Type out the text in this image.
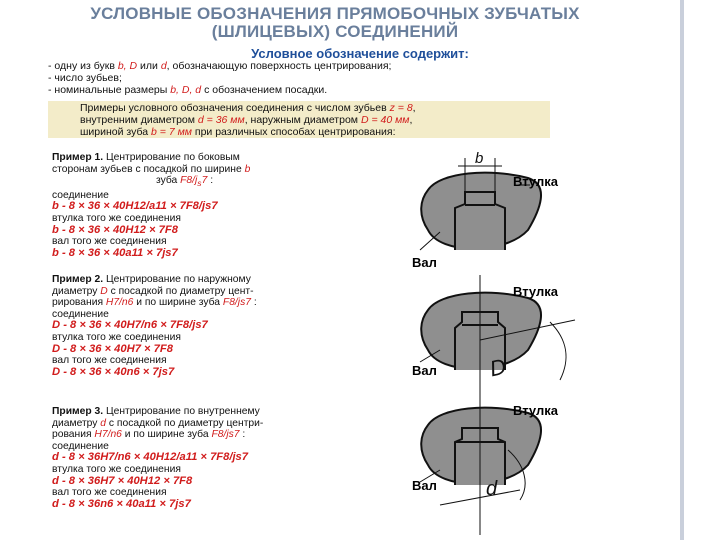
УСЛОВНЫЕ ОБОЗНАЧЕНИЯ ПРЯМОБОЧНЫХ ЗУБЧАТЫХ
(ШЛИЦЕВЫХ) СОЕДИНЕНИЙ
Условное обозначение содержит:
- одну из букв b, D или d, обозначающую поверхность центрирования;
- число зубьев;
- номинальные размеры b, D, d с обозначением посадки.
Примеры условного обозначения соединения с числом зубьев z = 8,
внутренним диаметром d = 36 мм, наружным диаметром D = 40 мм,
шириной зуба b = 7 мм при различных способах центрирования:
Пример 1. Центрирование по боковым
сторонам зубьев с посадкой по ширине b
зуба $F8/j_s7$ :
соединение
b - 8 × 36 × 40H12/a11 × 7F8/js7
втулка того же соединения
b - 8 × 36 × 40H12 × 7F8
вал того же соединения
b - 8 × 36 × 40a11 × 7js7
Пример 2. Центрирование по наружному
диаметру D с посадкой по диаметру цент-
рирования H7/n6 и по ширине зуба F8/js7 :
соединение
D - 8 × 36 × 40H7/n6 × 7F8/js7
втулка того же соединения
D - 8 × 36 × 40H7 × 7F8
вал того же соединения
D - 8 × 36 × 40n6 × 7js7
Пример 3. Центрирование по внутреннему
диаметру d с посадкой по диаметру центри-
рования H7/n6 и по ширине зуба F8/js7 :
соединение
d - 8 × 36H7/n6 × 40H12/a11 × 7F8/js7
втулка того же соединения
d - 8 × 36H7 × 40H12 × 7F8
вал того же соединения
d - 8 × 36n6 × 40a11 × 7js7
b
Втулка
Вал
Втулка
Вал D
Втулка
Вал d
